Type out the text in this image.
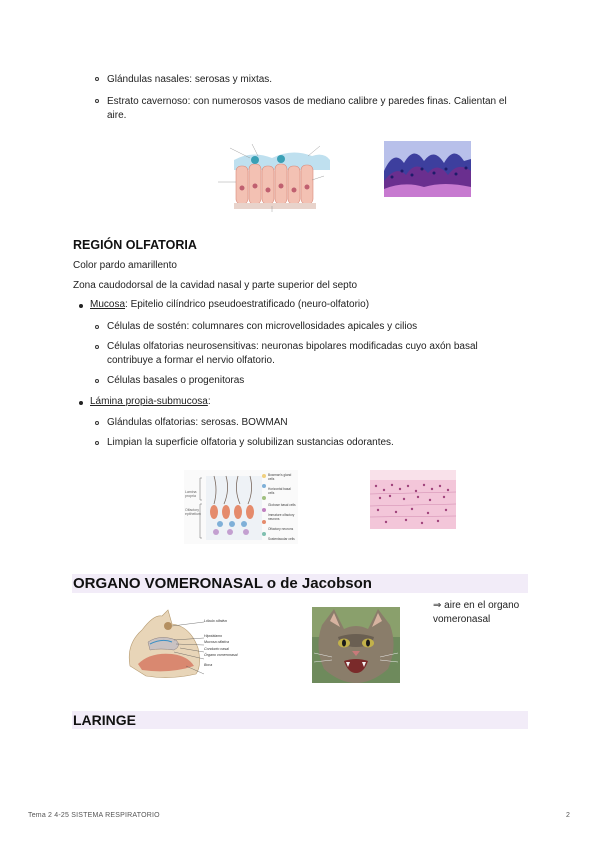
Glándulas nasales: serosas y mixtas.
Estrato cavernoso: con numerosos vasos de mediano calibre y paredes finas. Calientan el
aire.
REGIÓN OLFATORIA
Color pardo amarillento
Zona caudodorsal de la cavidad nasal y parte superior del septo
Mucosa: Epitelio cilíndrico pseudoestratificado (neuro-olfatorio)
Células de sostén: columnares con microvellosidades apicales y cilios
Células olfatorias neurosensitivas: neuronas bipolares modificadas cuyo axón basal
contribuye a formar el nervio olfatorio.
Células basales o progenitoras
Lámina propia-submucosa:
Glándulas olfatorias: serosas. BOWMAN
Limpian la superficie olfatoria y solubilizan sustancias odorantes.
Lamina propria
Olfactory epithelium
Bowman's gland cells
Horizontal basal cells
Globose basal cells
Immature olfactory neurons
Olfactory neurons
Sustentacular cells
ORGANO VOMERONASAL o de Jacobson
⇒ aire en el organo
vomeronasal
Lóbulo olfativo
Hipotálamo
Mucosa olfativa
Conducto nasal
Órgano vomeronasal
Boca
LARINGE
Tema 2 4-25 SISTEMA RESPIRATORIO	2
